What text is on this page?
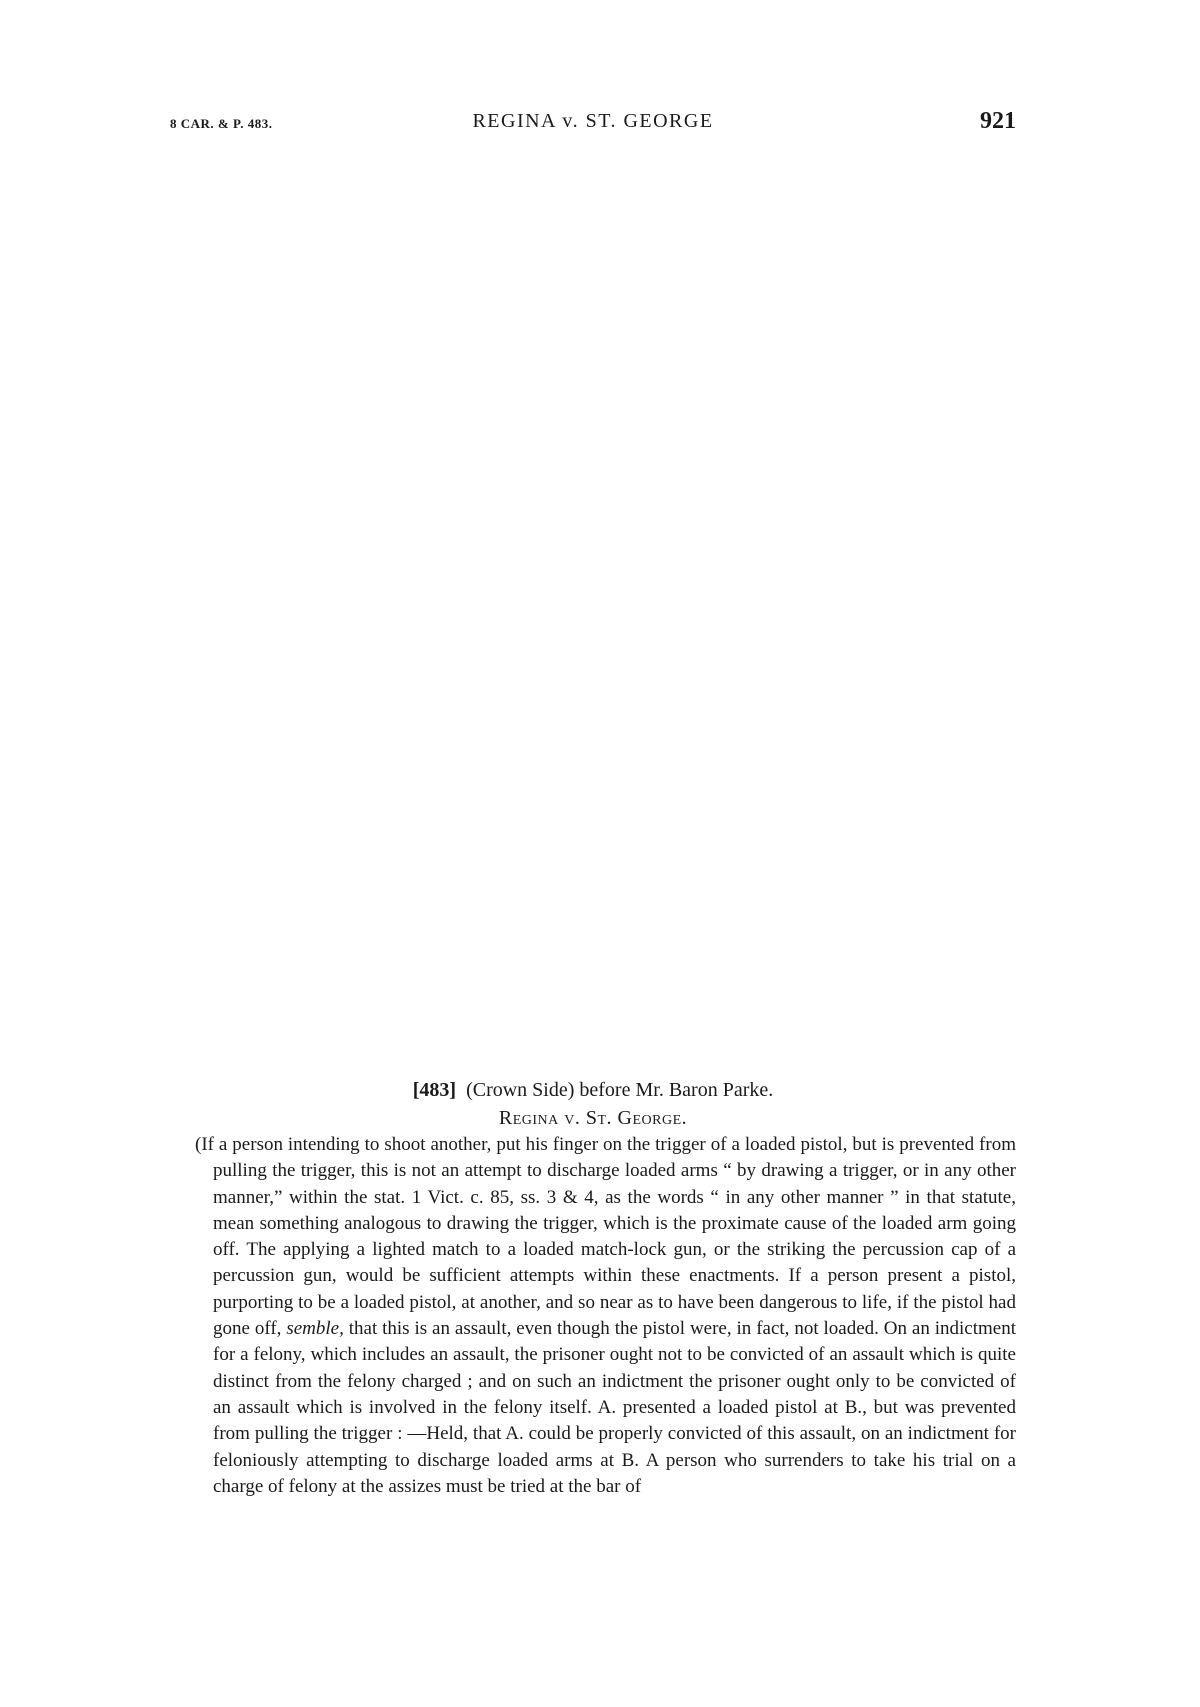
8 CAR. & P. 483.	REGINA v. ST. GEORGE	921
[483] (Crown Side) before Mr. Baron Parke.
Regina v. St. George.
(If a person intending to shoot another, put his finger on the trigger of a loaded pistol, but is prevented from pulling the trigger, this is not an attempt to discharge loaded arms “ by drawing a trigger, or in any other manner,” within the stat. 1 Vict. c. 85, ss. 3 & 4, as the words “ in any other manner ” in that statute, mean something analogous to drawing the trigger, which is the proximate cause of the loaded arm going off. The applying a lighted match to a loaded match-lock gun, or the striking the percussion cap of a percussion gun, would be sufficient attempts within these enactments. If a person present a pistol, purporting to be a loaded pistol, at another, and so near as to have been dangerous to life, if the pistol had gone off, semble, that this is an assault, even though the pistol were, in fact, not loaded. On an indictment for a felony, which includes an assault, the prisoner ought not to be convicted of an assault which is quite distinct from the felony charged ; and on such an indictment the prisoner ought only to be convicted of an assault which is involved in the felony itself. A. presented a loaded pistol at B., but was prevented from pulling the trigger : —Held, that A. could be properly convicted of this assault, on an indictment for feloniously attempting to discharge loaded arms at B. A person who surrenders to take his trial on a charge of felony at the assizes must be tried at the bar of
